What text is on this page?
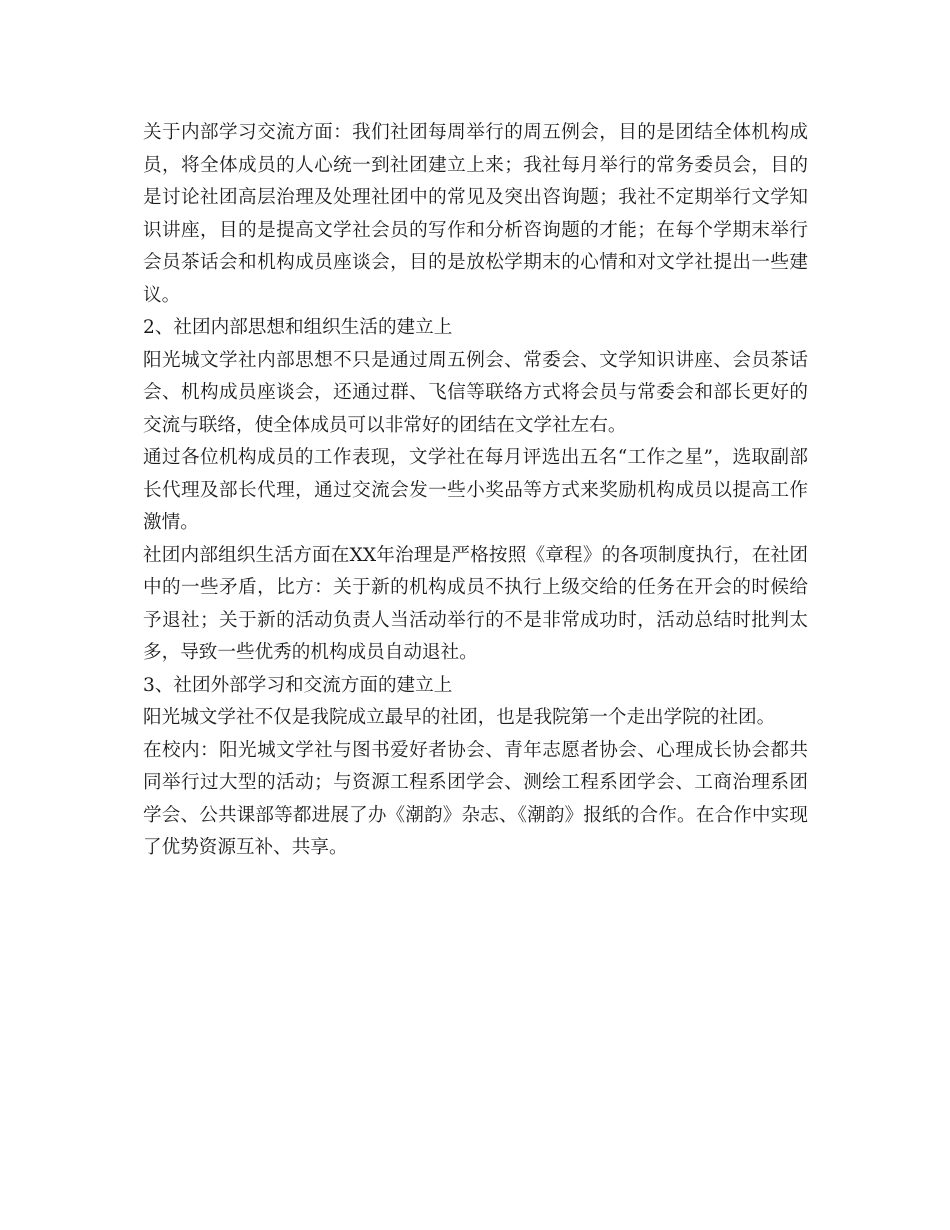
关于内部学习交流方面：我们社团每周举行的周五例会，目的是团结全体机构成员，将全体成员的人心统一到社团建立上来；我社每月举行的常务委员会，目的是讨论社团高层治理及处理社团中的常见及突出咨询题；我社不定期举行文学知识讲座，目的是提高文学社会员的写作和分析咨询题的才能；在每个学期末举行会员茶话会和机构成员座谈会，目的是放松学期末的心情和对文学社提出一些建议。

2、社团内部思想和组织生活的建立上

阳光城文学社内部思想不只是通过周五例会、常委会、文学知识讲座、会员茶话会、机构成员座谈会，还通过群、飞信等联络方式将会员与常委会和部长更好的交流与联络，使全体成员可以非常好的团结在文学社左右。

通过各位机构成员的工作表现，文学社在每月评选出五名“工作之星”，选取副部长代理及部长代理，通过交流会发一些小奖品等方式来奖励机构成员以提高工作激情。

社团内部组织生活方面在XX年治理是严格按照《章程》的各项制度执行，在社团中的一些矛盾，比方：关于新的机构成员不执行上级交给的任务在开会的时候给予退社；关于新的活动负责人当活动举行的不是非常成功时，活动总结时批判太多，导致一些优秀的机构成员自动退社。

3、社团外部学习和交流方面的建立上

阳光城文学社不仅是我院成立最早的社团，也是我院第一个走出学院的社团。

在校内：阳光城文学社与图书爱好者协会、青年志愿者协会、心理成长协会都共同举行过大型的活动；与资源工程系团学会、测绘工程系团学会、工商治理系团学会、公共课部等都进展了办《潮韵》杂志、《潮韵》报纸的合作。在合作中实现了优势资源互补、共享。
